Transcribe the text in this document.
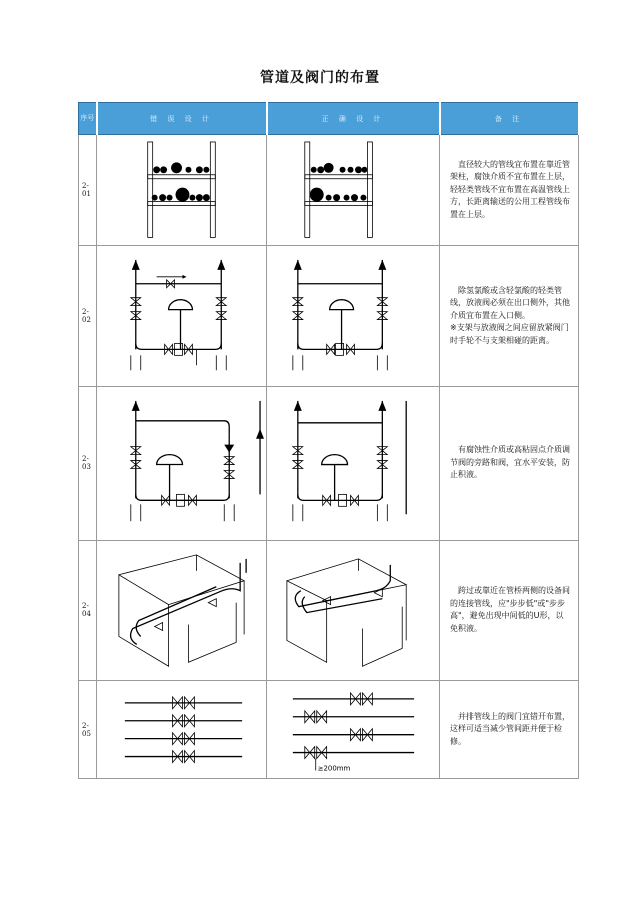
管道及阀门的布置
序号	错 误 设 计	正 确 设 计	备 注
2-01			　直径较大的管线宜布置在靠近管架柱，腐蚀介质不宜布置在上层，轻轻类管线不宜布置在高温管线上方，长距离输送的公用工程管线布置在上层。

2-02			　除氢氯酸或含轻氯酸的轻类管线，放液阀必须在出口侧外，其他介质宜布置在入口侧。
※支架与放液阀之间应留放紧阀门时手轮不与支架相碰的距离。

2-03			　有腐蚀性介质或高粘固点介质调节阀的旁路和阀，宜水平安装，防止积液。

2-04			　跨过或靠近在管桥两侧的设备间的连接管线，应"步步低"或"步步高"，避免出现中间低的U形，以免积液。

2-05		≥200mm	　并排管线上的阀门宜错开布置，这样可适当减少管间距并便于检修。
